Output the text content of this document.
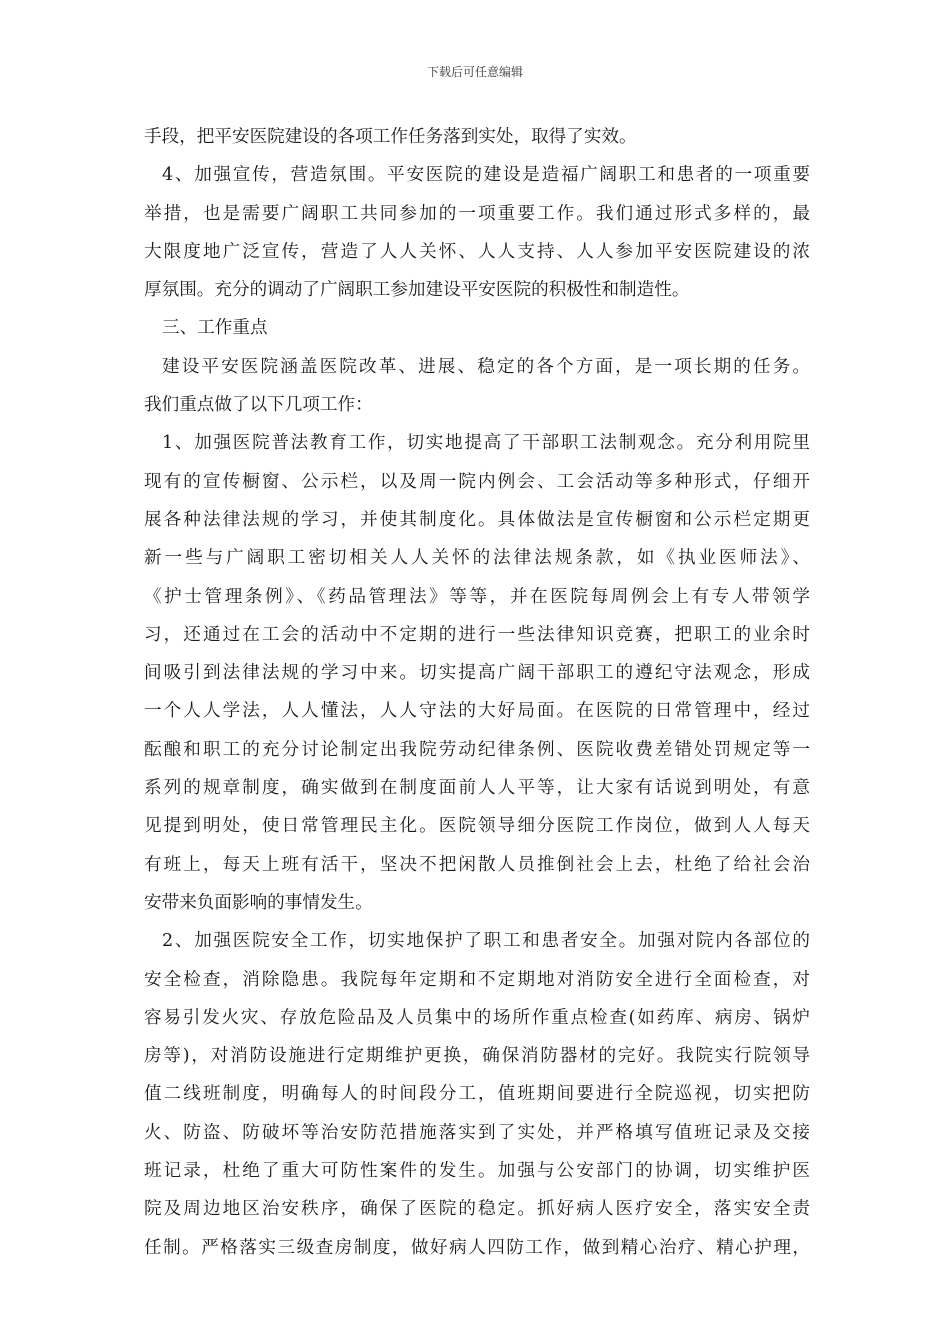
下载后可任意编辑
手段，把平安医院建设的各项工作任务落到实处，取得了实效。
4、加强宣传，营造氛围。平安医院的建设是造福广阔职工和患者的一项重要
举措，也是需要广阔职工共同参加的一项重要工作。我们通过形式多样的，最
大限度地广泛宣传，营造了人人关怀、人人支持、人人参加平安医院建设的浓
厚氛围。充分的调动了广阔职工参加建设平安医院的积极性和制造性。
三、工作重点
建设平安医院涵盖医院改革、进展、稳定的各个方面，是一项长期的任务。
我们重点做了以下几项工作：
1、加强医院普法教育工作，切实地提高了干部职工法制观念。充分利用院里
现有的宣传橱窗、公示栏，以及周一院内例会、工会活动等多种形式，仔细开
展各种法律法规的学习，并使其制度化。具体做法是宣传橱窗和公示栏定期更
新一些与广阔职工密切相关人人关怀的法律法规条款，如《执业医师法》、
《护士管理条例》、《药品管理法》等等，并在医院每周例会上有专人带领学
习，还通过在工会的活动中不定期的进行一些法律知识竞赛，把职工的业余时
间吸引到法律法规的学习中来。切实提高广阔干部职工的遵纪守法观念，形成
一个人人学法，人人懂法，人人守法的大好局面。在医院的日常管理中，经过
酝酿和职工的充分讨论制定出我院劳动纪律条例、医院收费差错处罚规定等一
系列的规章制度，确实做到在制度面前人人平等，让大家有话说到明处，有意
见提到明处，使日常管理民主化。医院领导细分医院工作岗位，做到人人每天
有班上，每天上班有活干，坚决不把闲散人员推倒社会上去，杜绝了给社会治
安带来负面影响的事情发生。
2、加强医院安全工作，切实地保护了职工和患者安全。加强对院内各部位的
安全检查，消除隐患。我院每年定期和不定期地对消防安全进行全面检查，对
容易引发火灾、存放危险品及人员集中的场所作重点检查(如药库、病房、锅炉
房等)，对消防设施进行定期维护更换，确保消防器材的完好。我院实行院领导
值二线班制度，明确每人的时间段分工，值班期间要进行全院巡视，切实把防
火、防盗、防破坏等治安防范措施落实到了实处，并严格填写值班记录及交接
班记录，杜绝了重大可防性案件的发生。加强与公安部门的协调，切实维护医
院及周边地区治安秩序，确保了医院的稳定。抓好病人医疗安全，落实安全责
任制。严格落实三级查房制度，做好病人四防工作，做到精心治疗、精心护理，
